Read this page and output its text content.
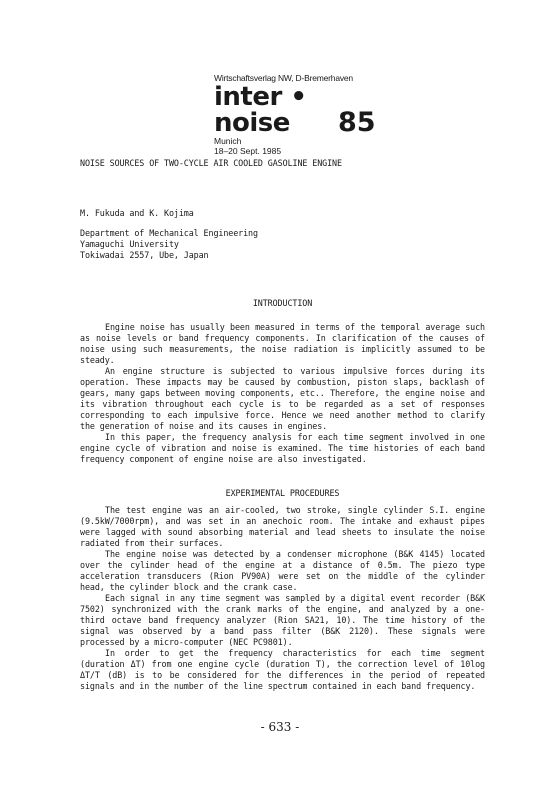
Wirtschaftsverlag NW, D-Bremerhaven
inter • noise
Munich
18–20 Sept. 1985
85
NOISE SOURCES OF TWO-CYCLE AIR COOLED GASOLINE ENGINE
M. Fukuda and K. Kojima
Department of Mechanical Engineering
Yamaguchi University
Tokiwadai 2557, Ube, Japan
INTRODUCTION

Engine noise has usually been measured in terms of the temporal average such as noise levels or band frequency components. In clarification of the causes of noise using such measurements, the noise radiation is implicitly assumed to be steady.

An engine structure is subjected to various impulsive forces during its operation. These impacts may be caused by combustion, piston slaps, backlash of gears, many gaps between moving components, etc.. Therefore, the engine noise and its vibration throughout each cycle is to be regarded as a set of responses corresponding to each impulsive force. Hence we need another method to clarify the generation of noise and its causes in engines.

In this paper, the frequency analysis for each time segment involved in one engine cycle of vibration and noise is examined. The time histories of each band frequency component of engine noise are also investigated.

EXPERIMENTAL PROCEDURES

The test engine was an air-cooled, two stroke, single cylinder S.I. engine (9.5kW/7000rpm), and was set in an anechoic room. The intake and exhaust pipes were lagged with sound absorbing material and lead sheets to insulate the noise radiated from their surfaces.

The engine noise was detected by a condenser microphone (B&K 4145) located over the cylinder head of the engine at a distance of 0.5m. The piezo type acceleration transducers (Rion PV90A) were set on the middle of the cylinder head, the cylinder block and the crank case.

Each signal in any time segment was sampled by a digital event recorder (B&K 7502) synchronized with the crank marks of the engine, and analyzed by a one-third octave band frequency analyzer (Rion SA21, 10). The time history of the signal was observed by a band pass filter (B&K 2120). These signals were processed by a micro-computer (NEC PC9801).

In order to get the frequency characteristics for each time segment (duration ΔT) from one engine cycle (duration T), the correction level of 10log ΔT/T (dB) is to be considered for the differences in the period of repeated signals and in the number of the line spectrum contained in each band frequency.

- 633 -
